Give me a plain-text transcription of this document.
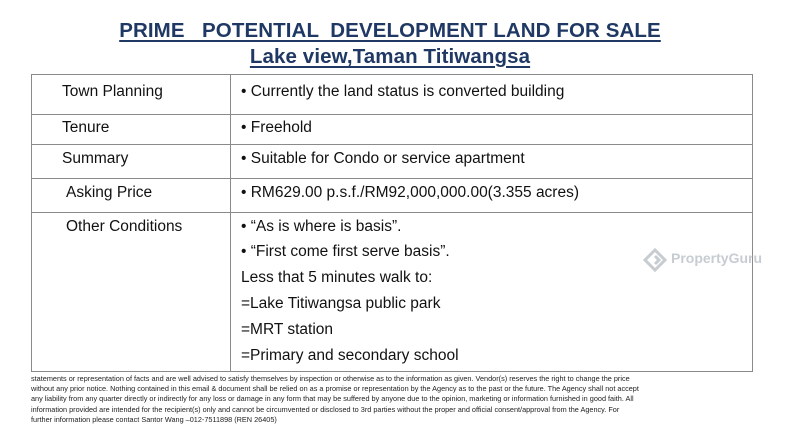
PRIME   POTENTIAL  DEVELOPMENT LAND FOR SALE
Lake view,Taman Titiwangsa
Town Planning	• Currently the land status is converted building
Tenure	• Freehold
Summary	• Suitable for Condo or service apartment
Asking Price	• RM629.00 p.s.f./RM92,000,000.00(3.355 acres)
Other Conditions	• “As is where is basis”.
• “First come first serve basis”.
Less that 5 minutes walk to:
=Lake Titiwangsa public park
=MRT station
=Primary and secondary school
PropertyGuru
statements or representation of facts and are well advised to satisfy themselves by inspection or otherwise as to the information as given. Vendor(s) reserves the right to change the price
without any prior notice. Nothing contained in this email & document shall be relied on as a promise or representation by the Agency as to the past or the future. The Agency shall not accept
any liability from any quarter directly or indirectly for any loss or damage in any form that may be suffered by anyone due to the opinion, marketing or information furnished in good faith. All
information provided are intended for the recipient(s) only and cannot be circumvented or disclosed to 3rd parties without the proper and official consent/approval from the Agency. For
further information please contact Santor Wang –012-7511898 (REN 26405)
